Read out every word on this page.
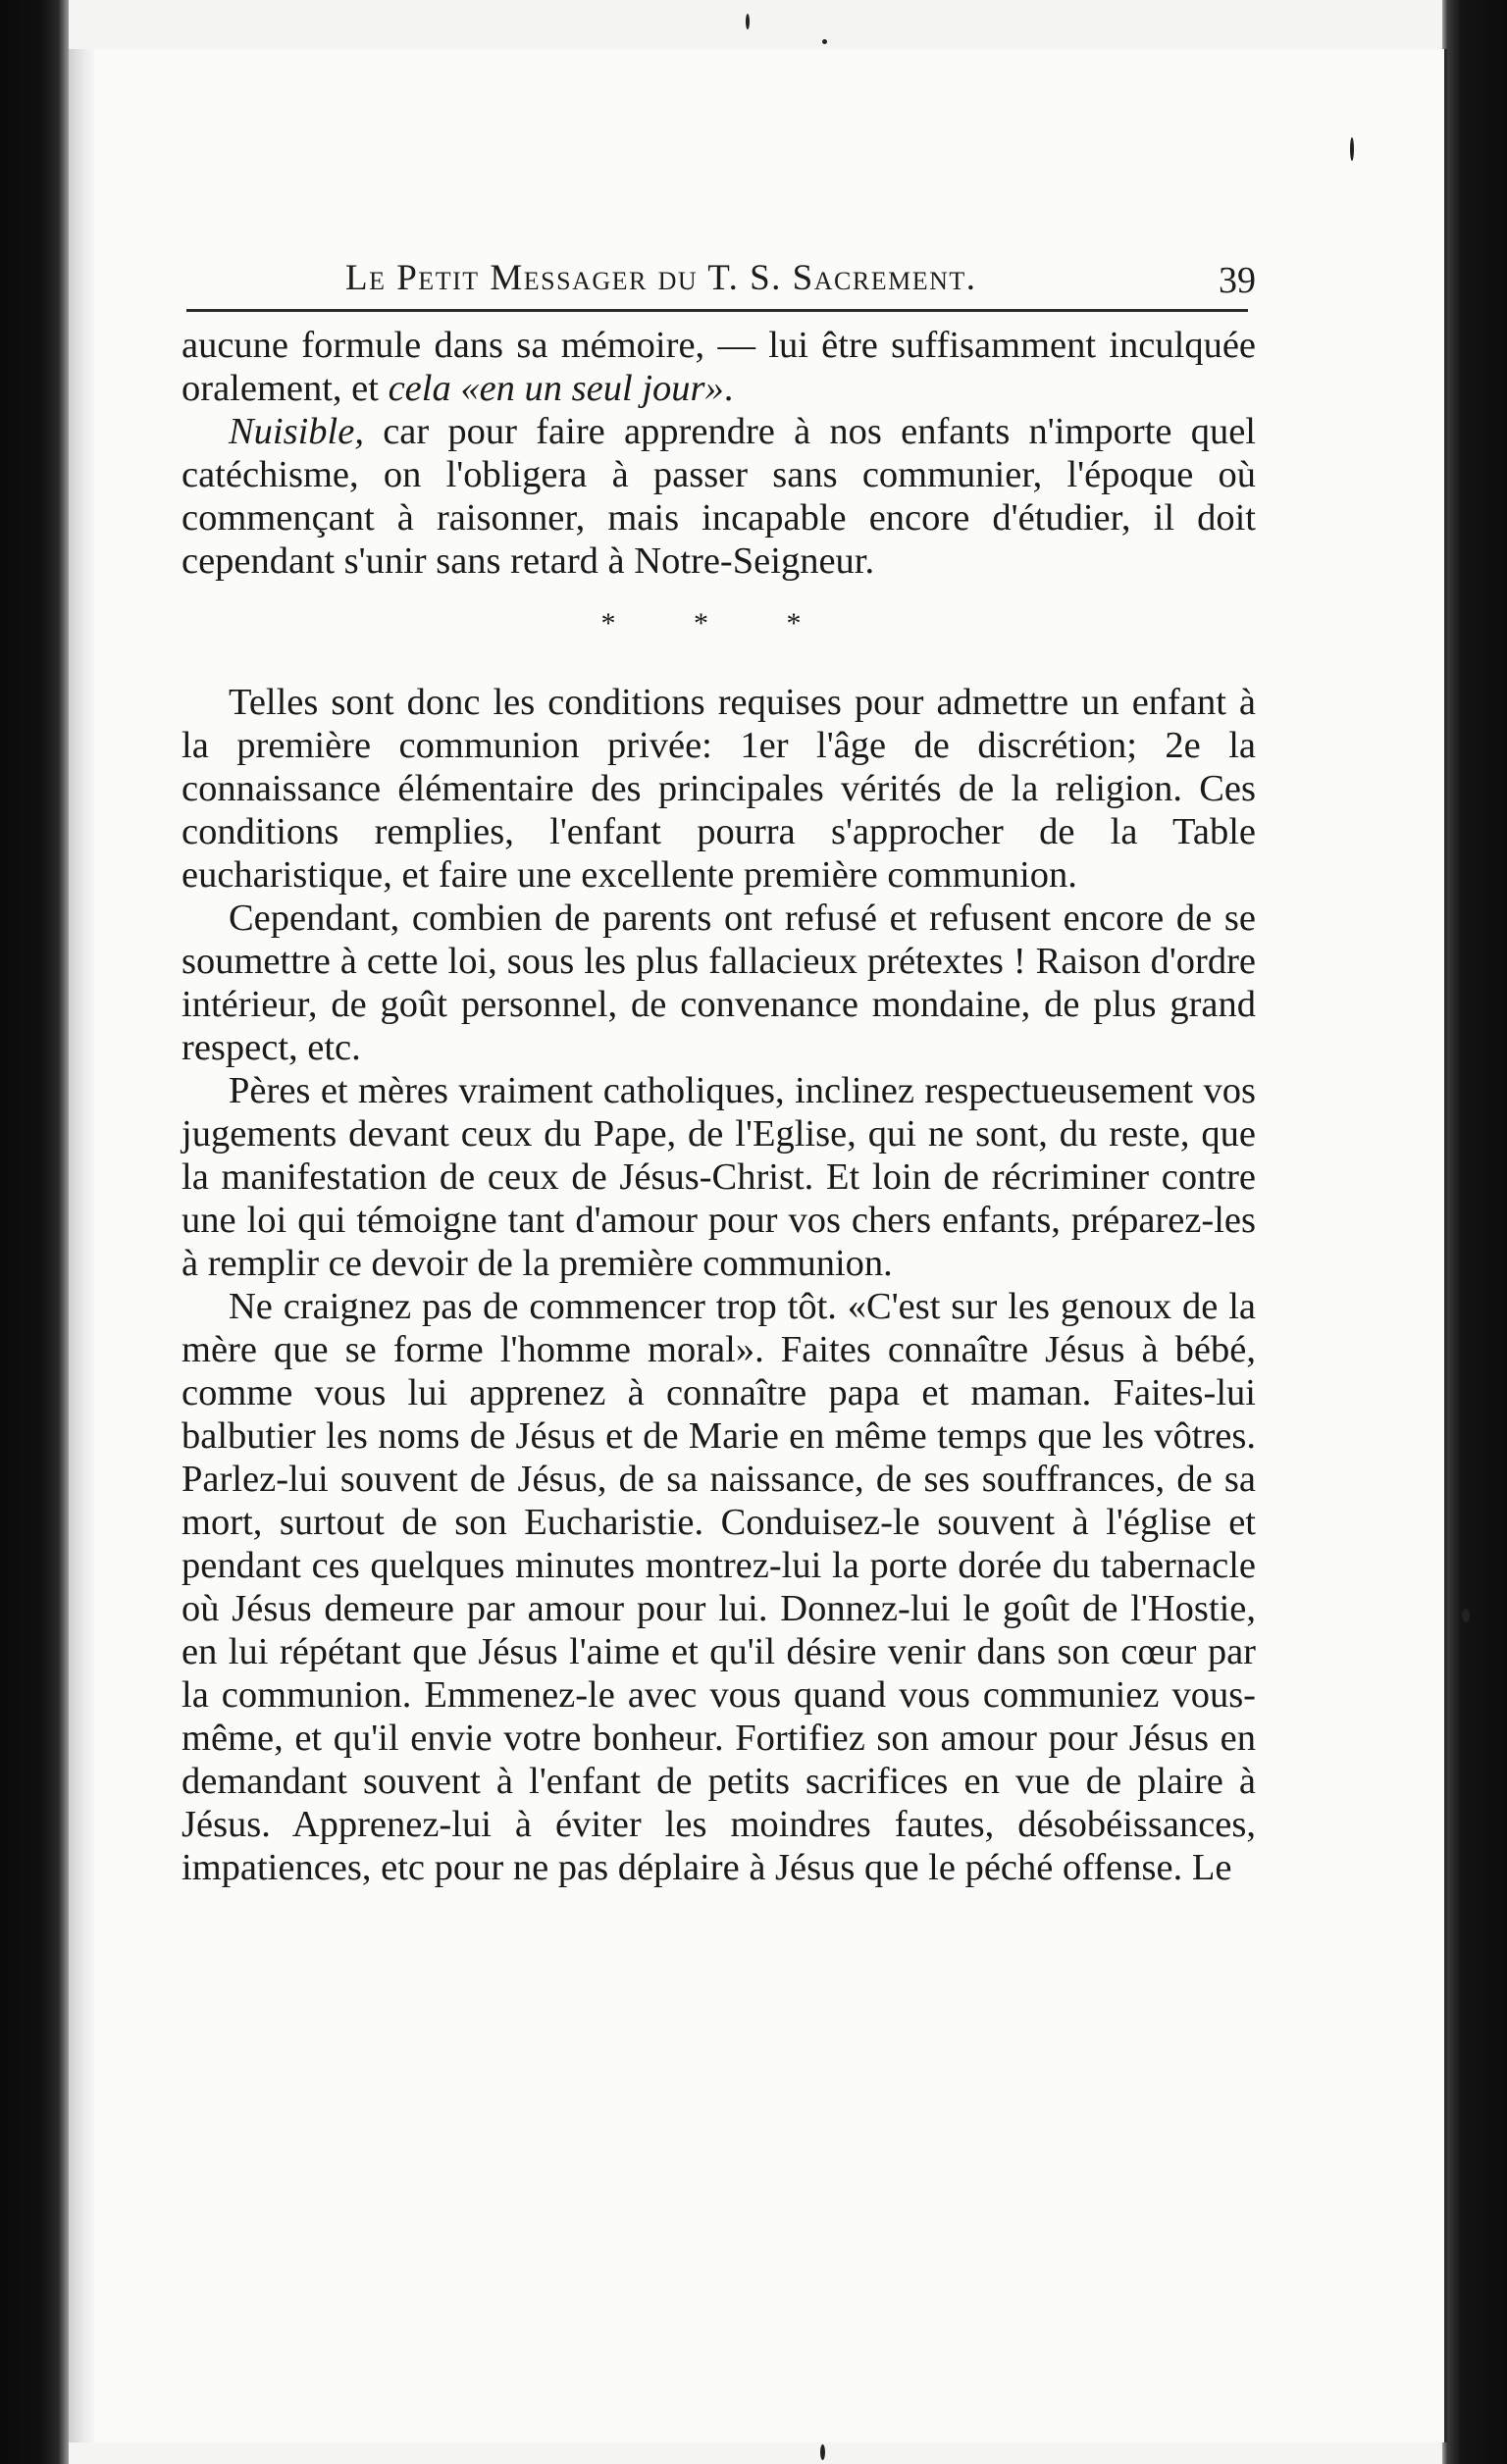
Le Petit Messager du T. S. Sacrement.	39

aucune formule dans sa mémoire, — lui être suffisamment inculquée oralement, et cela «en un seul jour».

Nuisible, car pour faire apprendre à nos enfants n'importe quel catéchisme, on l'obligera à passer sans communier, l'époque où commençant à raisonner, mais incapable encore d'étudier, il doit cependant s'unir sans retard à Notre-Seigneur.

* * *

Telles sont donc les conditions requises pour admettre un enfant à la première communion privée: 1er l'âge de discrétion; 2e la connaissance élémentaire des principales vérités de la religion. Ces conditions remplies, l'enfant pourra s'approcher de la Table eucharistique, et faire une excellente première communion.

Cependant, combien de parents ont refusé et refusent encore de se soumettre à cette loi, sous les plus fallacieux prétextes ! Raison d'ordre intérieur, de goût personnel, de convenance mondaine, de plus grand respect, etc.

Pères et mères vraiment catholiques, inclinez respectueusement vos jugements devant ceux du Pape, de l'Eglise, qui ne sont, du reste, que la manifestation de ceux de Jésus-Christ. Et loin de récriminer contre une loi qui témoigne tant d'amour pour vos chers enfants, préparez-les à remplir ce devoir de la première communion.

Ne craignez pas de commencer trop tôt. «C'est sur les genoux de la mère que se forme l'homme moral». Faites connaître Jésus à bébé, comme vous lui apprenez à connaître papa et maman. Faites-lui balbutier les noms de Jésus et de Marie en même temps que les vôtres. Parlez-lui souvent de Jésus, de sa naissance, de ses souffrances, de sa mort, surtout de son Eucharistie. Conduisez-le souvent à l'église et pendant ces quelques minutes montrez-lui la porte dorée du tabernacle où Jésus demeure par amour pour lui. Donnez-lui le goût de l'Hostie, en lui répétant que Jésus l'aime et qu'il désire venir dans son cœur par la communion. Emmenez-le avec vous quand vous communiez vous-même, et qu'il envie votre bonheur. Fortifiez son amour pour Jésus en demandant souvent à l'enfant de petits sacrifices en vue de plaire à Jésus. Apprenez-lui à éviter les moindres fautes, désobéissances, impatiences, etc pour ne pas déplaire à Jésus que le péché offense. Le
